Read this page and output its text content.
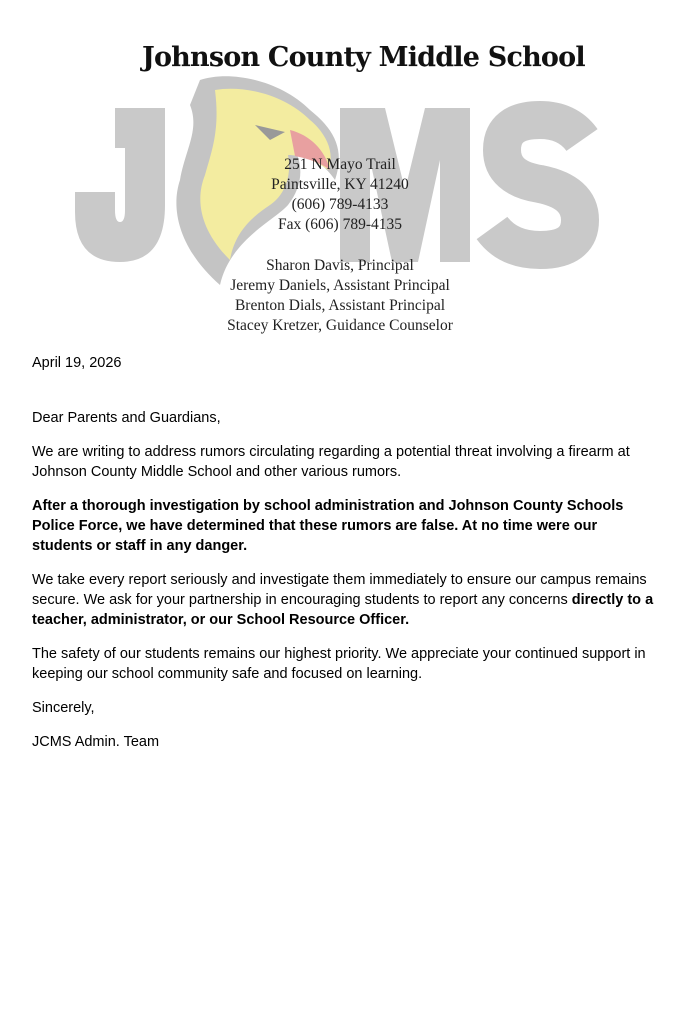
Johnson County Middle School
251 N Mayo Trail
Paintsville, KY 41240
(606) 789-4133
Fax (606) 789-4135
Sharon Davis, Principal
Jeremy Daniels, Assistant Principal
Brenton Dials, Assistant Principal
Stacey Kretzer, Guidance Counselor

April 19, 2026

Dear Parents and Guardians,

We are writing to address rumors circulating regarding a potential threat involving a firearm at Johnson County Middle School and other various rumors.

After a thorough investigation by school administration and Johnson County Schools Police Force, we have determined that these rumors are false. At no time were our students or staff in any danger.

We take every report seriously and investigate them immediately to ensure our campus remains secure. We ask for your partnership in encouraging students to report any concerns directly to a teacher, administrator, or our School Resource Officer.

The safety of our students remains our highest priority. We appreciate your continued support in keeping our school community safe and focused on learning.

Sincerely,

JCMS Admin. Team
